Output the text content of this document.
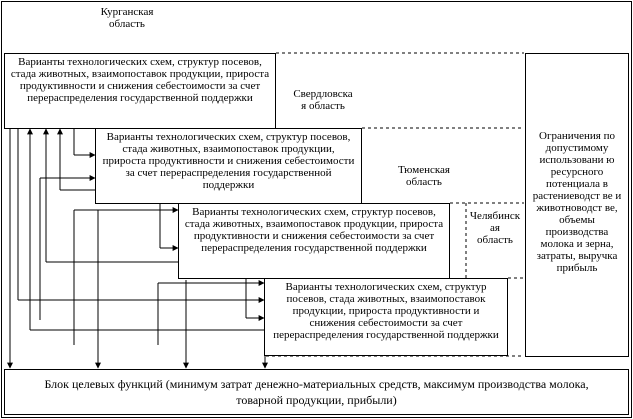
Курганская
область
Свердловска
я область
Тюменская
область
Челябинск
ая
область
Варианты технологических схем, структур посевов, стада животных, взаимопоставок продукции, прироста продуктивности и снижения себестоимости за счет перераспределения государственной поддержки
Варианты технологических схем, структур посевов, стада животных, взаимопоставок продукции, прироста продуктивности и снижения себестоимости за счет перераспределения государственной поддержки
Варианты технологических схем, структур посевов, стада животных, взаимопоставок продукции, прироста продуктивности и снижения себестоимости за счет перераспределения государственной поддержки
Варианты технологических схем, структур посевов, стада животных, взаимопоставок продукции, прироста продуктивности и снижения себестоимости за счет перераспределения государственной поддержки
Ограничения по допустимому использовани ю ресурсного потенциала в растениеводст ве и животноводст ве, объемы производства молока и зерна, затраты, выручка прибыль
Блок целевых функций (минимум затрат денежно-материальных средств, максимум производства молока, товарной продукции, прибыли)
